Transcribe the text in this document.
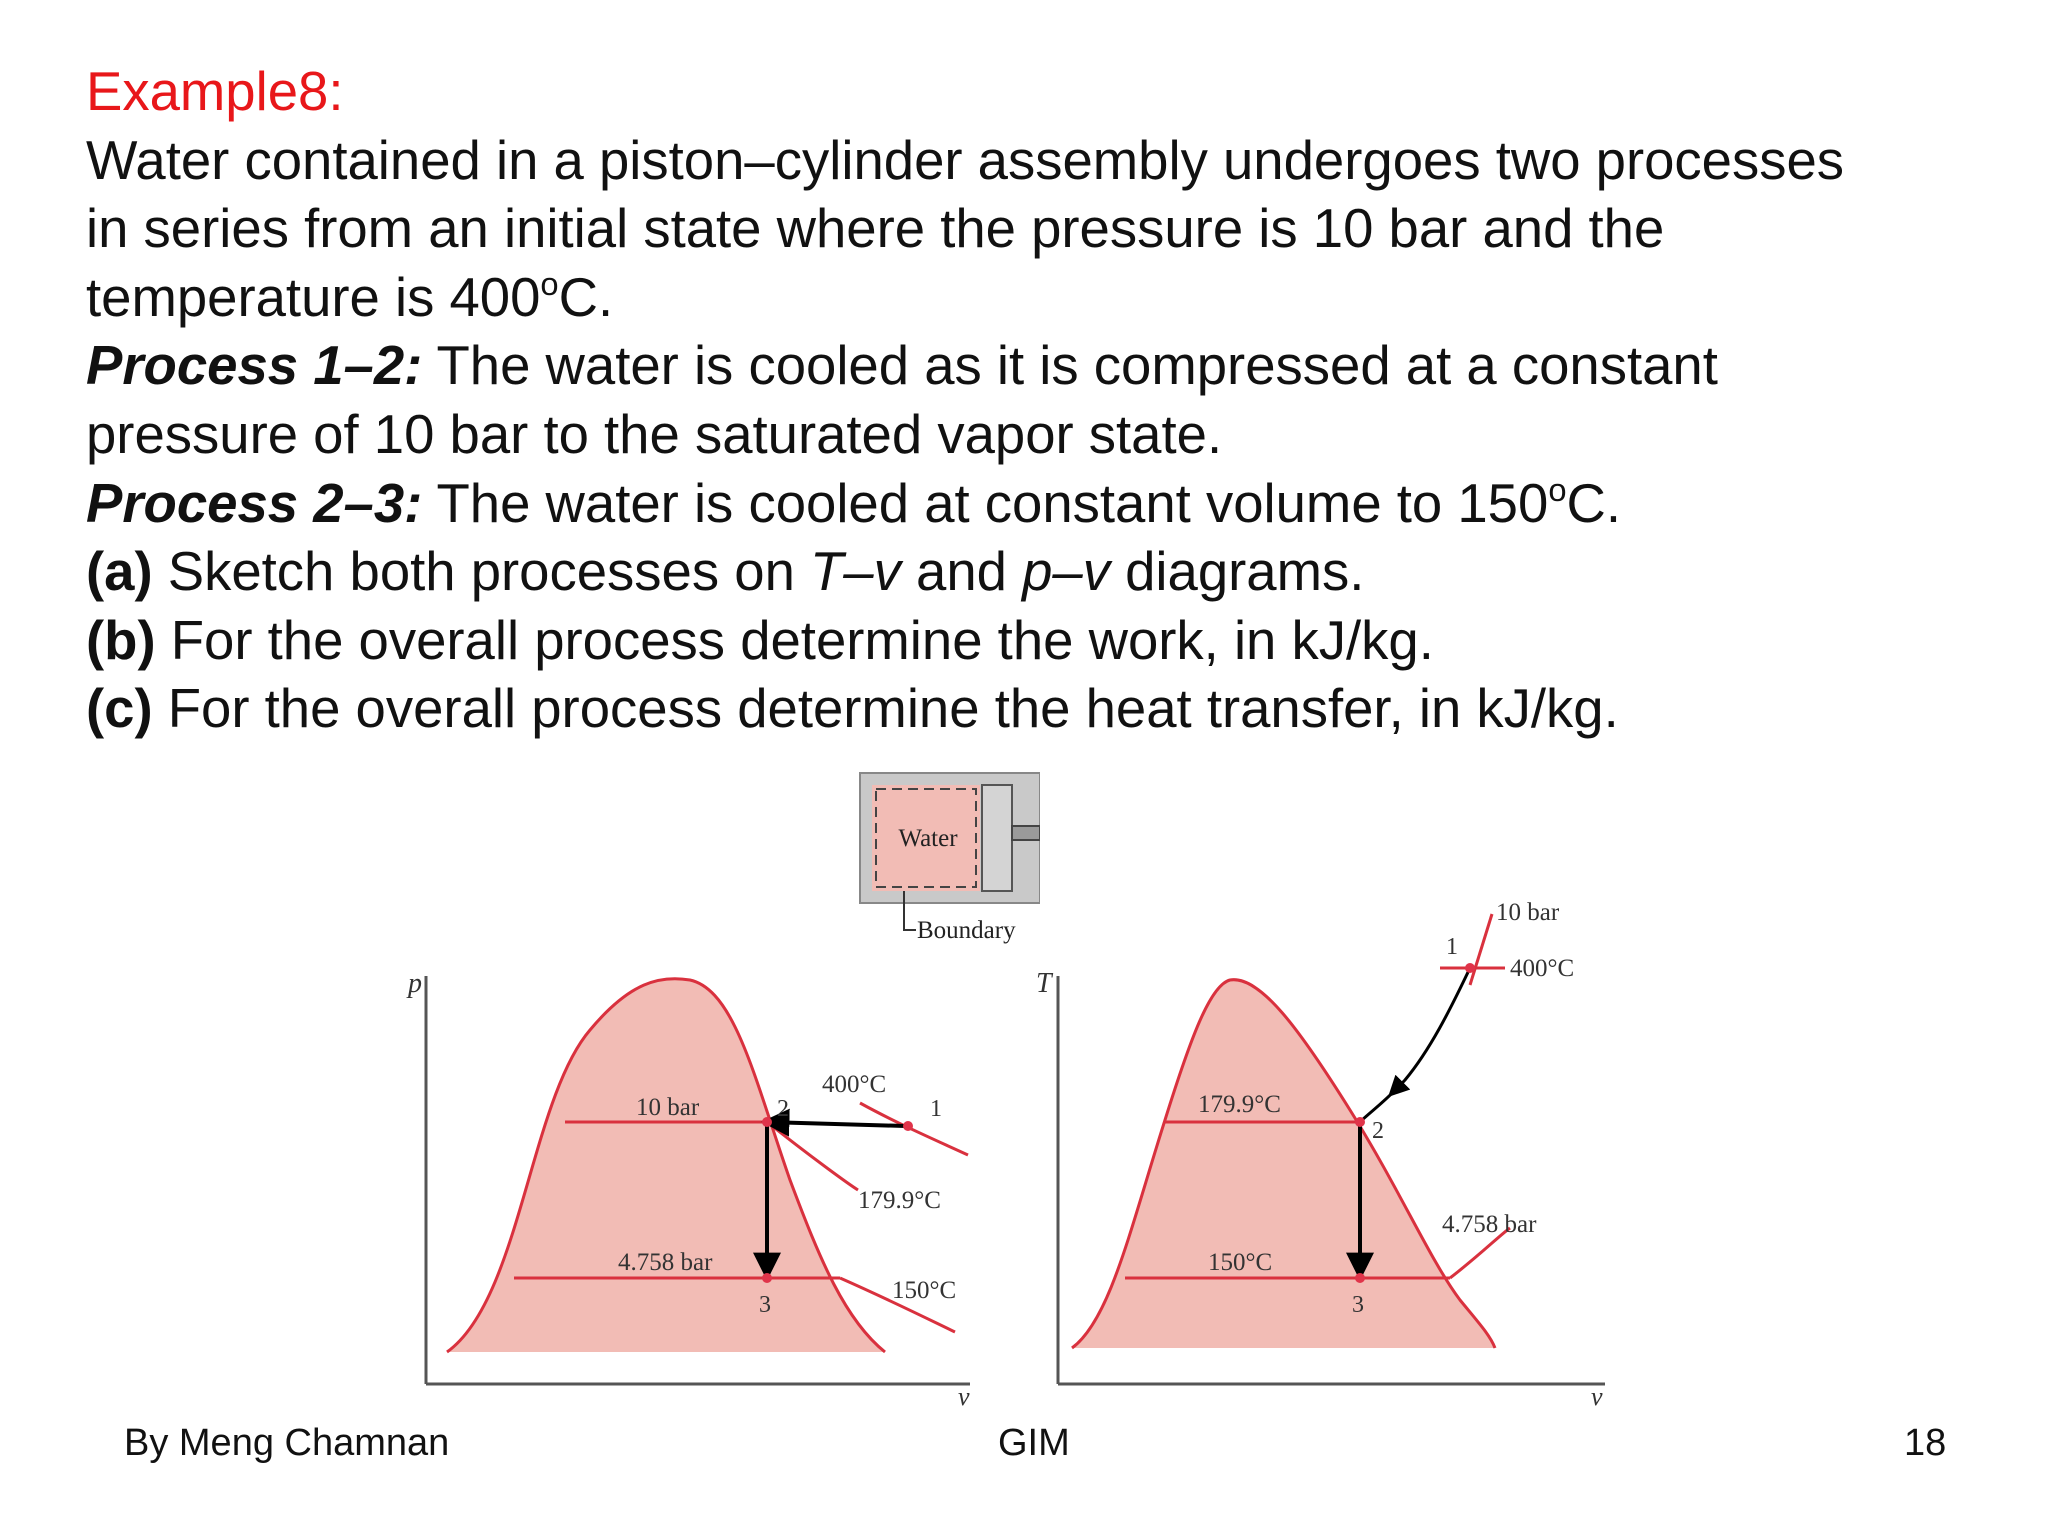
Example8:

Water contained in a piston–cylinder assembly undergoes two processes

in series from an initial state where the pressure is 10 bar and the

temperature is 400$^o$C.

Process 1–2: The water is cooled as it is compressed at a constant

pressure of 10 bar to the saturated vapor state.

Process 2–3: The water is cooled at constant volume to 150$^o$C.

(a) Sketch both processes on T–v and p–v diagrams.

(b) For the overall process determine the work, in kJ/kg.

(c) For the overall process determine the heat transfer, in kJ/kg.

Water
Boundary
p
v
10 bar
4.758 bar
2	1
3
400°C
179.9°C
150°C
T
v
179.9°C
150°C
2
3
1
10 bar
400°C
4.758 bar
By Meng Chamnan	GIM	18
